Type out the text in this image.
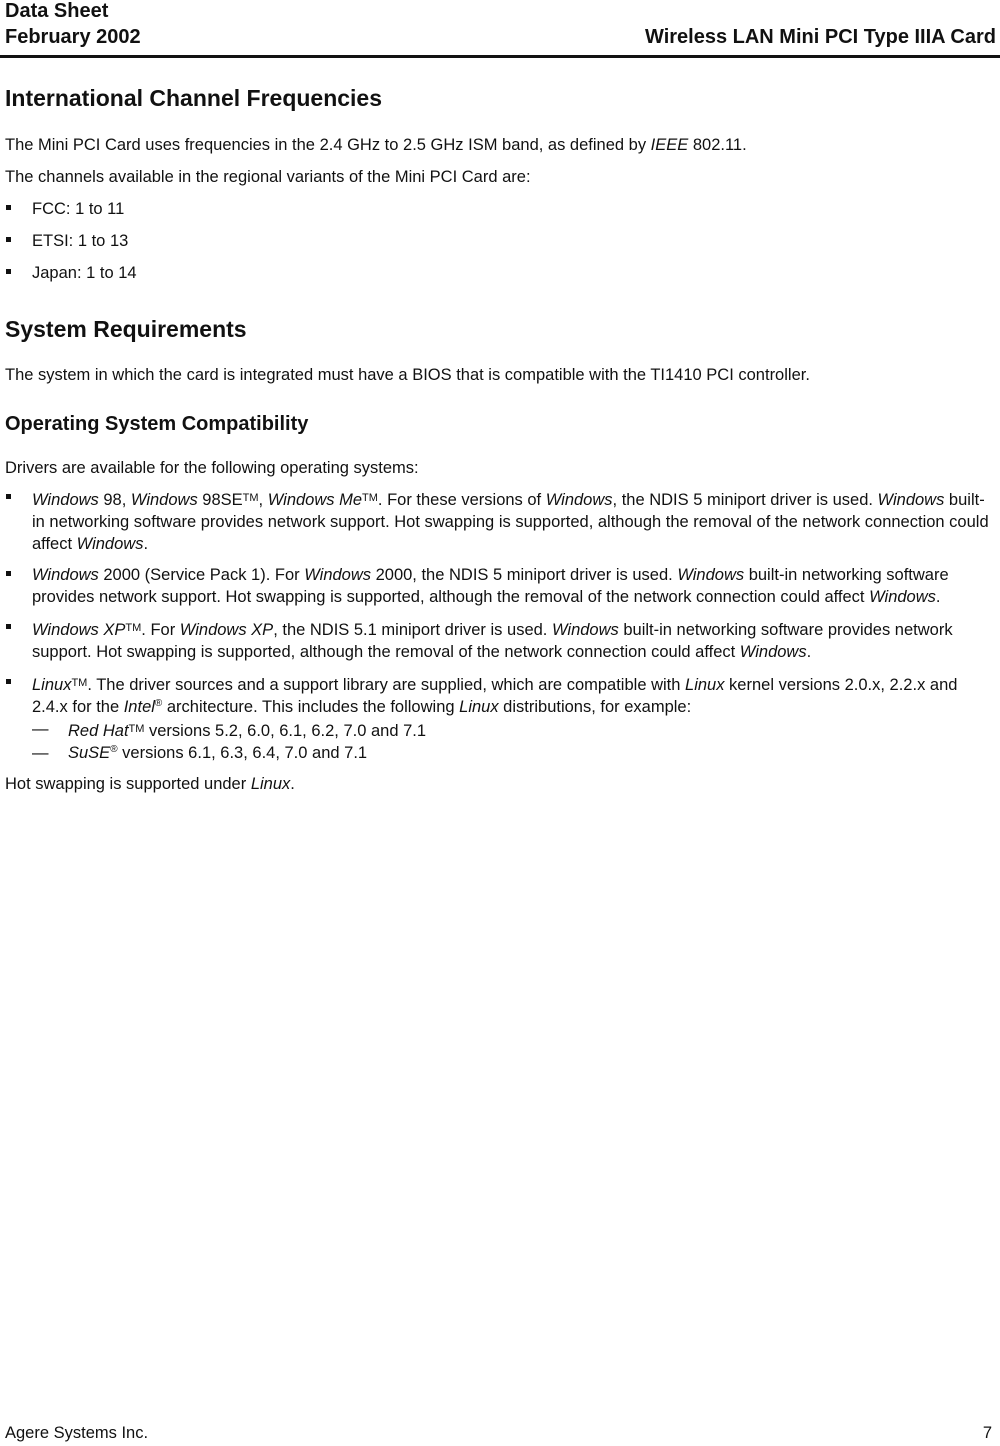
Data Sheet
February 2002	Wireless LAN Mini PCI Type IIIA Card
International Channel Frequencies

The Mini PCI Card uses frequencies in the 2.4 GHz to 2.5 GHz ISM band, as defined by IEEE 802.11.

The channels available in the regional variants of the Mini PCI Card are:

FCC: 1 to 11
ETSI: 1 to 13
Japan: 1 to 14
System Requirements

The system in which the card is integrated must have a BIOS that is compatible with the TI1410 PCI controller.

Operating System Compatibility

Drivers are available for the following operating systems:

Windows 98, Windows 98SE™, Windows Me™. For these versions of Windows, the NDIS 5 miniport driver is used. Windows built-in networking software provides network support. Hot swapping is supported, although the removal of the network connection could affect Windows.
Windows 2000 (Service Pack 1). For Windows 2000, the NDIS 5 miniport driver is used. Windows built-in networking software provides network support. Hot swapping is supported, although the removal of the network connection could affect Windows.
Windows XP™. For Windows XP, the NDIS 5.1 miniport driver is used. Windows built-in networking software provides network support. Hot swapping is supported, although the removal of the network connection could affect Windows.
Linux™. The driver sources and a support library are supplied, which are compatible with Linux kernel versions 2.0.x, 2.2.x and 2.4.x for the Intel® architecture. This includes the following Linux distributions, for example:
— Red Hat™ versions 5.2, 6.0, 6.1, 6.2, 7.0 and 7.1
— SuSE® versions 6.1, 6.3, 6.4, 7.0 and 7.1

Hot swapping is supported under Linux.

Agere Systems Inc.	7
